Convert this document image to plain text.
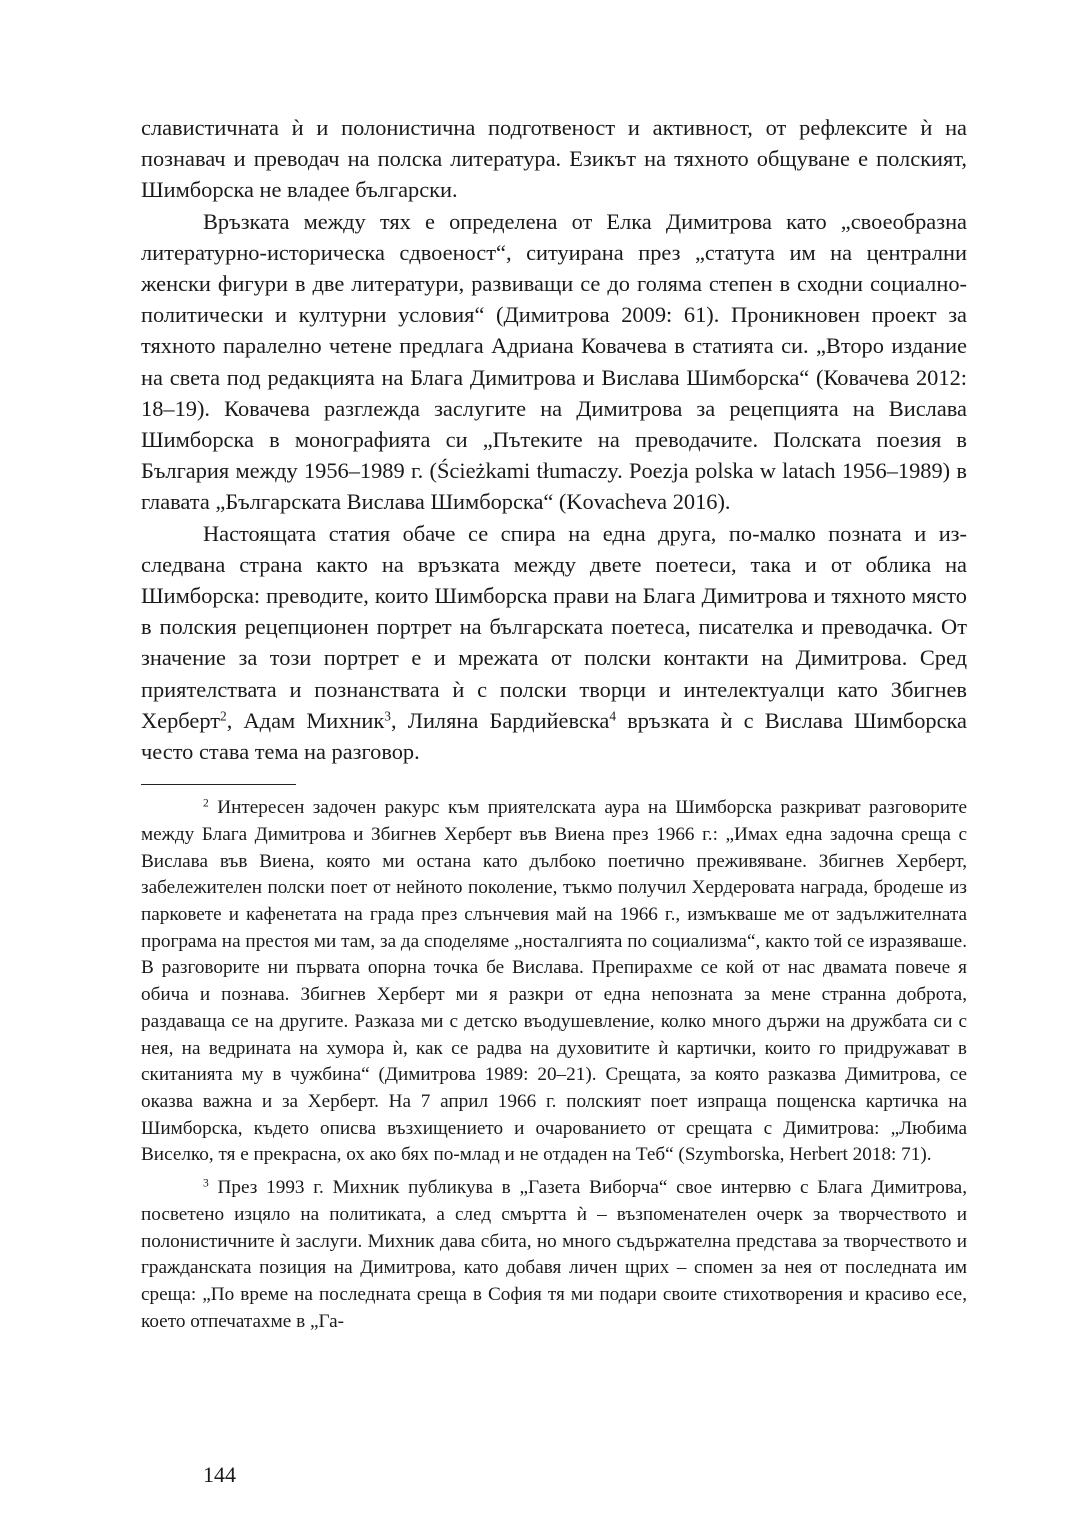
славистичната ѝ и полонистична подготвеност и активност, от рефлексите ѝ на познавач и преводач на полска литература. Езикът на тяхното общуване е полският, Шимборска не владее български.

Връзката между тях е определена от Елка Димитрова като „своеобразна литературно-историческа сдвоеност“, ситуирана през „статута им на централни женски фигури в две литератури, развиващи се до голяма степен в сходни социално-политически и културни условия“ (Димитрова 2009: 61). Проникновен проект за тяхното паралелно четене предлага Адриана Ковачева в статията си. „Второ издание на света под редакцията на Блага Димитрова и Вислава Шимборска“ (Ковачева 2012: 18–19). Ковачева разглежда заслугите на Димитрова за рецепцията на Вислава Шимборска в монографията си „Пътеките на преводачите. Полската поезия в България между 1956–1989 г. (Ścieżkami tłumaczy. Poezja polska w latach 1956–1989) в главата „Българската Вислава Шимборска“ (Kovacheva 2016).

Настоящата статия обаче се спира на една друга, по-малко позната и изследвана страна както на връзката между двете поетеси, така и от облика на Шимборска: преводите, които Шимборска прави на Блага Димитрова и тяхното място в полския рецепционен портрет на българската поетеса, писателка и преводачка. От значение за този портрет е и мрежата от полски контакти на Димитрова. Сред приятелствата и познанствата ѝ с полски творци и интелектуалци като Збигнев Херберт$^2$, Адам Михник$^3$, Лиляна Бардийевска$^4$ връзката ѝ с Вислава Шимборска често става тема на разговор.

$^2$ Интересен задочен ракурс към приятелската аура на Шимборска разкриват разговорите между Блага Димитрова и Збигнев Херберт във Виена през 1966 г.: „Имах една задочна среща с Вислава във Виена, която ми остана като дълбоко поетично преживяване. Збигнев Херберт, забележителен полски поет от нейното поколение, тъкмо получил Хердеровата награда, бродеше из парковете и кафенетата на града през слънчевия май на 1966 г., измъкваше ме от задължителната програма на престоя ми там, за да споделяме „носталгията по социализма“, както той се изразяваше. В разговорите ни първата опорна точка бе Вислава. Препирахме се кой от нас двамата повече я обича и познава. Збигнев Херберт ми я разкри от една непозната за мене странна доброта, раздаваща се на другите. Разказа ми с детско въодушевление, колко много държи на дружбата си с нея, на ведрината на хумора ѝ, как се радва на духовитите ѝ картички, които го придружават в скитанията му в чужбина“ (Димитрова 1989: 20–21). Срещата, за която разказва Димитрова, се оказва важна и за Херберт. На 7 април 1966 г. полският поет изпраща пощенска картичка на Шимборска, където описва възхищението и очарованието от срещата с Димитрова: „Любима Виселко, тя е прекрасна, ох ако бях по-млад и не отдаден на Теб“ (Szymborska, Herbert 2018: 71).

$^3$ През 1993 г. Михник публикува в „Газета Виборча“ свое интервю с Блага Димитрова, посветено изцяло на политиката, а след смъртта ѝ – възпоменателен очерк за творчеството и полонистичните ѝ заслуги. Михник дава сбита, но много съдържателна представа за творчеството и гражданската позиция на Димитрова, като добавя личен щрих – спомен за нея от последната им среща: „По време на последната среща в София тя ми подари своите стихотворения и красиво есе, което отпечатахме в „Га-

144
